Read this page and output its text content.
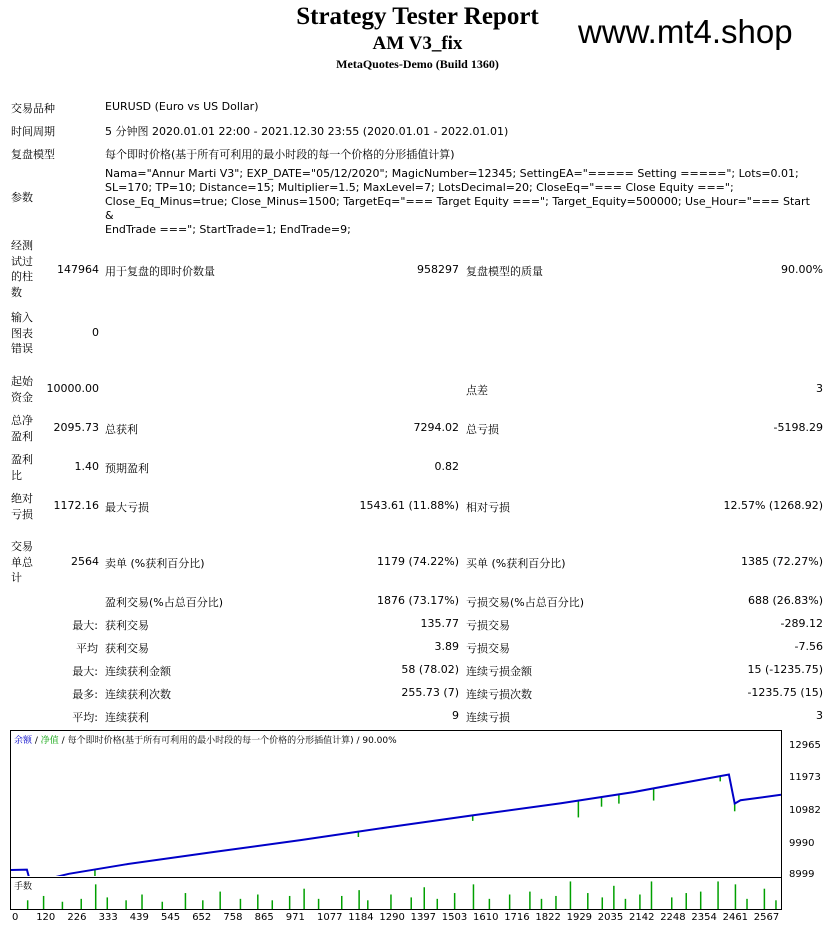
Strategy Tester Report
AM V3_fix
MetaQuotes-Demo (Build 1360)
www.mt4.shop
交易品种	EURUSD (Euro vs US Dollar)
时间周期	5 分钟图 2020.01.01 22:00 - 2021.12.30 23:55 (2020.01.01 - 2022.01.01)
复盘模型	每个即时价格(基于所有可利用的最小时段的每一个价格的分形插值计算)
参数
Nama="Annur Marti V3"; EXP_DATE="05/12/2020"; MagicNumber=12345; SettingEA="===== Setting ====="; Lots=0.01;
SL=170; TP=10; Distance=15; Multiplier=1.5; MaxLevel=7; LotsDecimal=20; CloseEq="=== Close Equity ===";
Close_Eq_Minus=true; Close_Minus=1500; TargetEq="=== Target Equity ==="; Target_Equity=500000; Use_Hour="=== Start &
EndTrade ==="; StartTrade=1; EndTrade=9;
经测
试过
的柱
数
147964 用于复盘的即时价数量	958297 复盘模型的质量	90.00%
输入
图表
错误
0
起始
资金
10000.00	点差	3
总净
盈利
2095.73 总获利	7294.02 总亏损	-5198.29
盈利
比
1.40 预期盈利	0.82
绝对
亏损
1172.16 最大亏损	1543.61 (11.88%) 相对亏损	12.57% (1268.92)
交易
单总
计
2564 卖单 (%获利百分比)	1179 (74.22%) 买单 (%获利百分比)	1385 (72.27%)
盈利交易(%占总百分比)	1876 (73.17%) 亏损交易(%占总百分比)	688 (26.83%)
最大: 获利交易	135.77 亏损交易	-289.12
平均 获利交易	3.89 亏损交易	-7.56
最大: 连续获利金额	58 (78.02) 连续亏损金额	15 (-1235.75)
最多: 连续获利次数	255.73 (7) 连续亏损次数	-1235.75 (15)
平均: 连续获利	9 连续亏损	3
余额 / 净值 / 每个即时价格(基于所有可利用的最小时段的每一个价格的分形插值计算) / 90.00%
手数
12965
11973
10982
9990
8999
0 120 226 333 439 545 652 758 865 971 1077 1184 1290 1397 1503 1610 1716 1822 1929 2035 2142 2248 2354 2461 2567
